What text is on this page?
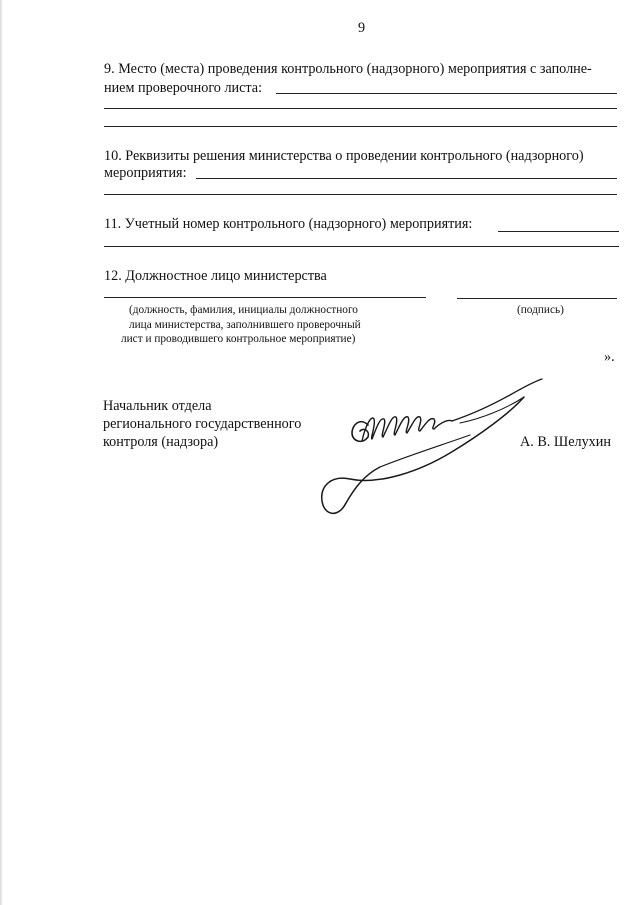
9
9. Место (места) проведения контрольного (надзорного) мероприятия с заполне-
нием проверочного листа:
10. Реквизиты решения министерства о проведении контрольного (надзорного)
мероприятия:
11. Учетный номер контрольного (надзорного) мероприятия:
12. Должностное лицо министерства
(должность, фамилия, инициалы должностного
лица министерства, заполнившего проверочный
лист и проводившего контрольное мероприятие)
(подпись)
».
Начальник отдела
регионального государственного
контроля (надзора)	А. В. Шелухин
